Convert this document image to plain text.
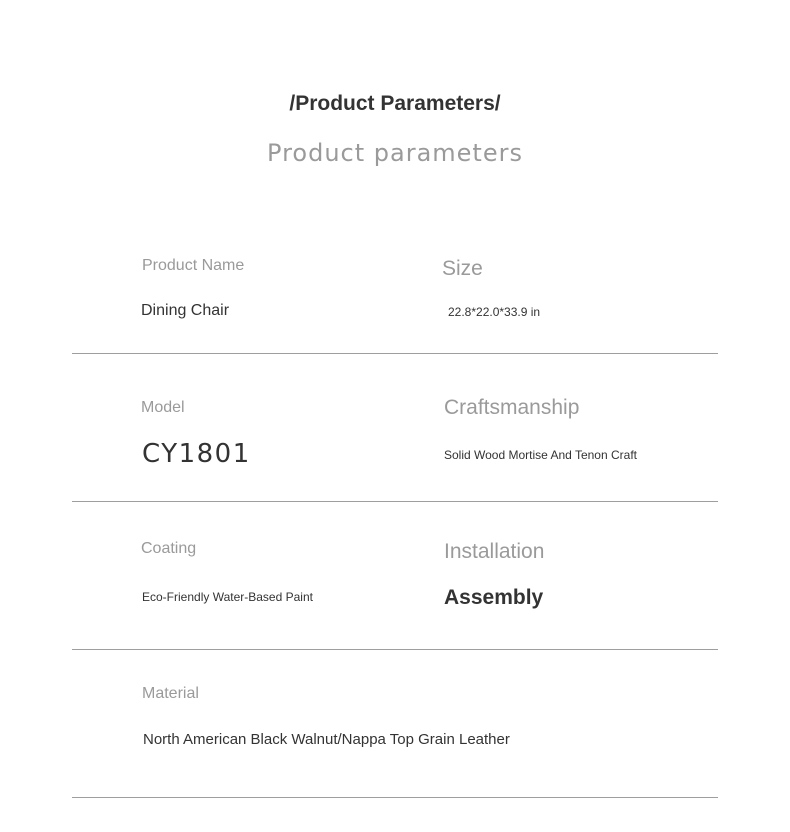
/Product Parameters/
Product parameters
Product Name
Dining Chair
Size
22.8*22.0*33.9 in
Model
CY1801
Craftsmanship
Solid Wood Mortise And Tenon Craft
Coating
Eco-Friendly Water-Based Paint
Installation
Assembly
Material
North American Black Walnut/Nappa Top Grain Leather
